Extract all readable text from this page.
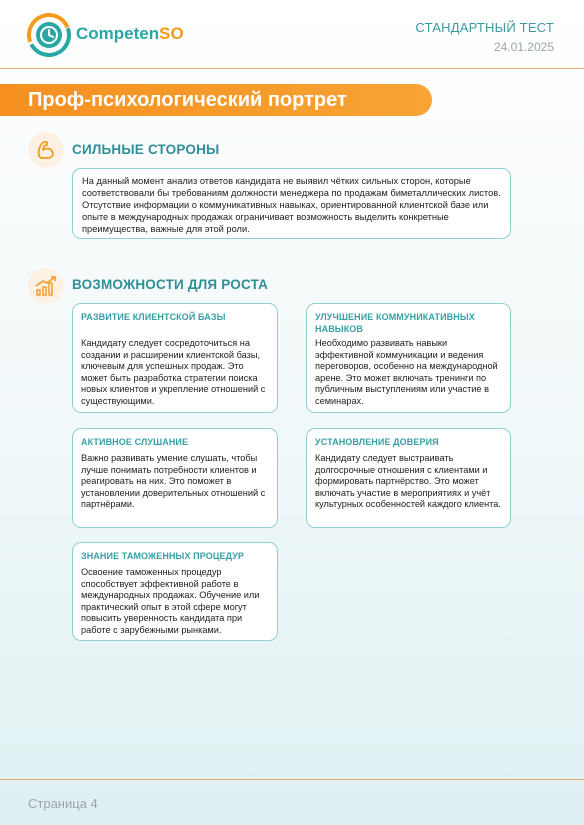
CompetenSO	СТАНДАРТНЫЙ ТЕСТ
24.01.2025
Проф-психологический портрет
СИЛЬНЫЕ СТОРОНЫ
На данный момент анализ ответов кандидата не выявил чётких сильных сторон, которые соответствовали бы требованиям должности менеджера по продажам биметаллических листов. Отсутствие информации о коммуникативных навыках, ориентированной клиентской базе или опыте в международных продажах ограничивает возможность выделить конкретные преимущества, важные для этой роли.
ВОЗМОЖНОСТИ ДЛЯ РОСТА
РАЗВИТИЕ КЛИЕНТСКОЙ БАЗЫ
Кандидату следует сосредоточиться на создании и расширении клиентской базы, ключевым для успешных продаж. Это может быть разработка стратегии поиска новых клиентов и укрепление отношений с существующими.
УЛУЧШЕНИЕ КОММУНИКАТИВНЫХ НАВЫКОВ
Необходимо развивать навыки эффективной коммуникации и ведения переговоров, особенно на международной арене. Это может включать тренинги по публичным выступлениям или участие в семинарах.
АКТИВНОЕ СЛУШАНИЕ
Важно развивать умение слушать, чтобы лучше понимать потребности клиентов и реагировать на них. Это поможет в установлении доверительных отношений с партнёрами.
УСТАНОВЛЕНИЕ ДОВЕРИЯ
Кандидату следует выстраивать долгосрочные отношения с клиентами и формировать партнёрство. Это может включать участие в мероприятиях и учёт культурных особенностей каждого клиента.
ЗНАНИЕ ТАМОЖЕННЫХ ПРОЦЕДУР
Освоение таможенных процедур способствует эффективной работе в международных продажах. Обучение или практический опыт в этой сфере могут повысить уверенность кандидата при работе с зарубежными рынками.
Страница 4
